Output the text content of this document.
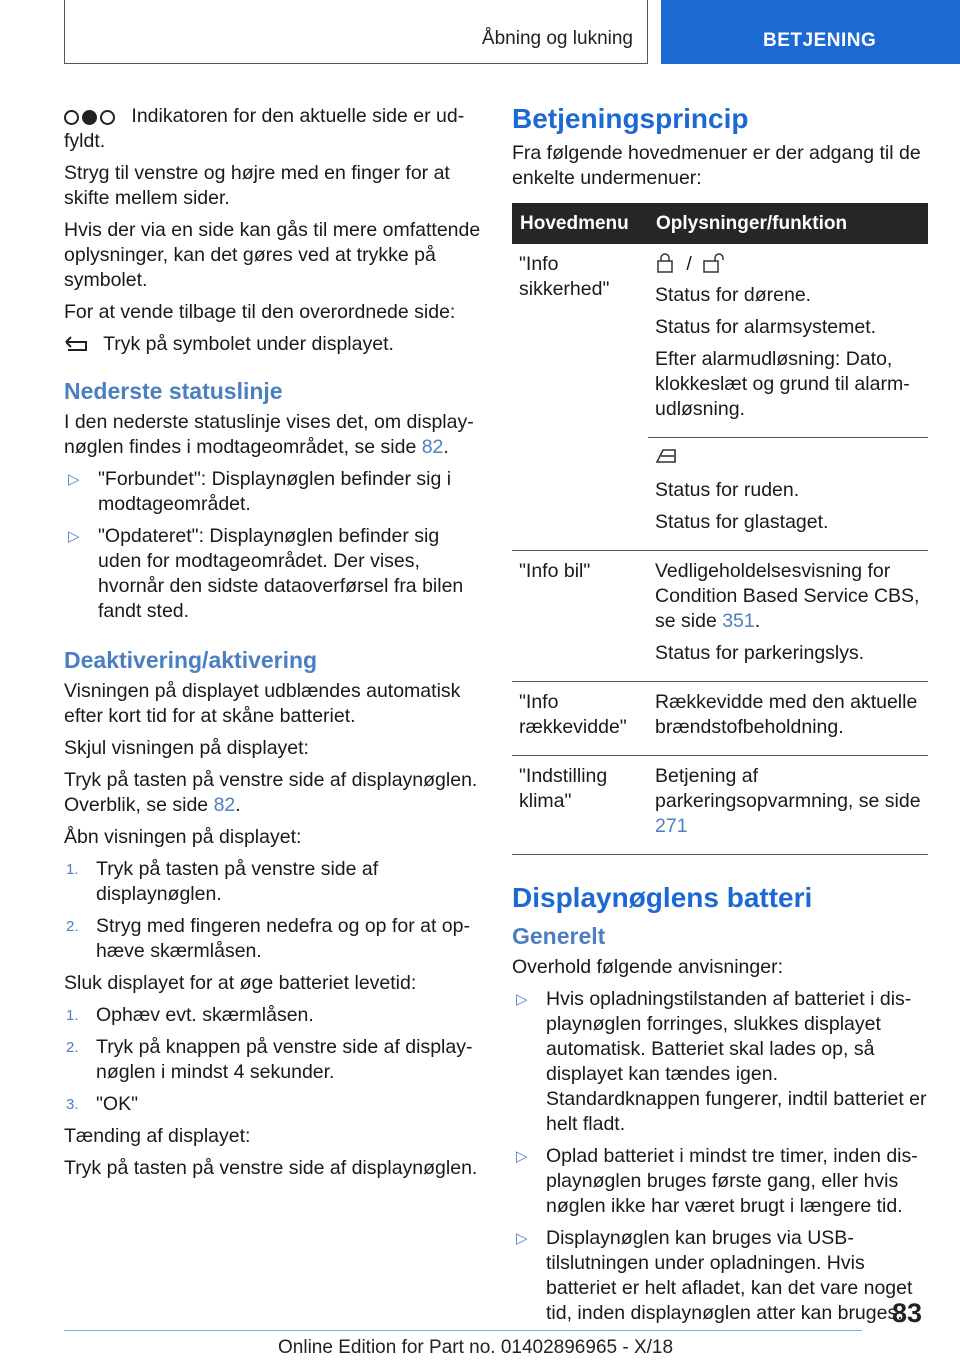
Åbning og lukning	BETJENING

Indikatoren for den aktuelle side er udfyldt.

Stryg til venstre og højre med en finger for at skifte mellem sider.

Hvis der via en side kan gås til mere omfattende oplysninger, kan det gøres ved at trykke på symbolet.

For at vende tilbage til den overordnede side:

Tryk på symbolet under displayet.

Nederste statuslinje

I den nederste statuslinje vises det, om displaynøglen findes i modtageområdet, se side 82.

▷ "Forbundet": Displaynøglen befinder sig i modtageområdet.
▷ "Opdateret": Displaynøglen befinder sig uden for modtageområdet. Der vises, hvornår den sidste dataoverførsel fra bilen fandt sted.
Deaktivering/aktivering

Visningen på displayet udblændes automatisk efter kort tid for at skåne batteriet.

Skjul visningen på displayet:

Tryk på tasten på venstre side af displaynøglen. Overblik, se side 82.

Åbn visningen på displayet:

1. Tryk på tasten på venstre side af displaynøglen.
2. Stryg med fingeren nedefra og op for at ophæve skærmlåsen.

Sluk displayet for at øge batteriet levetid:

1. Ophæv evt. skærmlåsen.
2. Tryk på knappen på venstre side af displaynøglen i mindst 4 sekunder.
3. "OK"

Tænding af displayet:

Tryk på tasten på venstre side af displaynøglen.

Betjeningsprincip

Fra følgende hovedmenuer er der adgang til de enkelte undermenuer:

Hovedmenu	Oplysninger/funktion
"Info sikkerhed"	/

Status for dørene.

Status for alarmsystemet.

Efter alarmudløsning: Dato, klokkeslæt og grund til alarmudløsning.

	Status for ruden.

Status for glastaget.

"Info bil"	Vedligeholdelsesvisning for Condition Based Service CBS, se side 351.

Status for parkeringslys.

"Info rækkevidde"	Rækkevidde med den aktuelle brændstofbeholdning.

"Indstilling klima"	Betjening af parkeringsopvarmning, se side 271

Displaynøglens batteri
Generelt

Overhold følgende anvisninger:

▷ Hvis opladningstilstanden af batteriet i displaynøglen forringes, slukkes displayet automatisk. Batteriet skal lades op, så displayet kan tændes igen. Standardknappen fungerer, indtil batteriet er helt fladt.
▷ Oplad batteriet i mindst tre timer, inden displaynøglen bruges første gang, eller hvis nøglen ikke har været brugt i længere tid.
▷ Displaynøglen kan bruges via USB-tilslutningen under opladningen. Hvis batteriet er helt afladet, kan det vare noget tid, inden displaynøglen atter kan bruges.
83
Online Edition for Part no. 01402896965 - X/18
